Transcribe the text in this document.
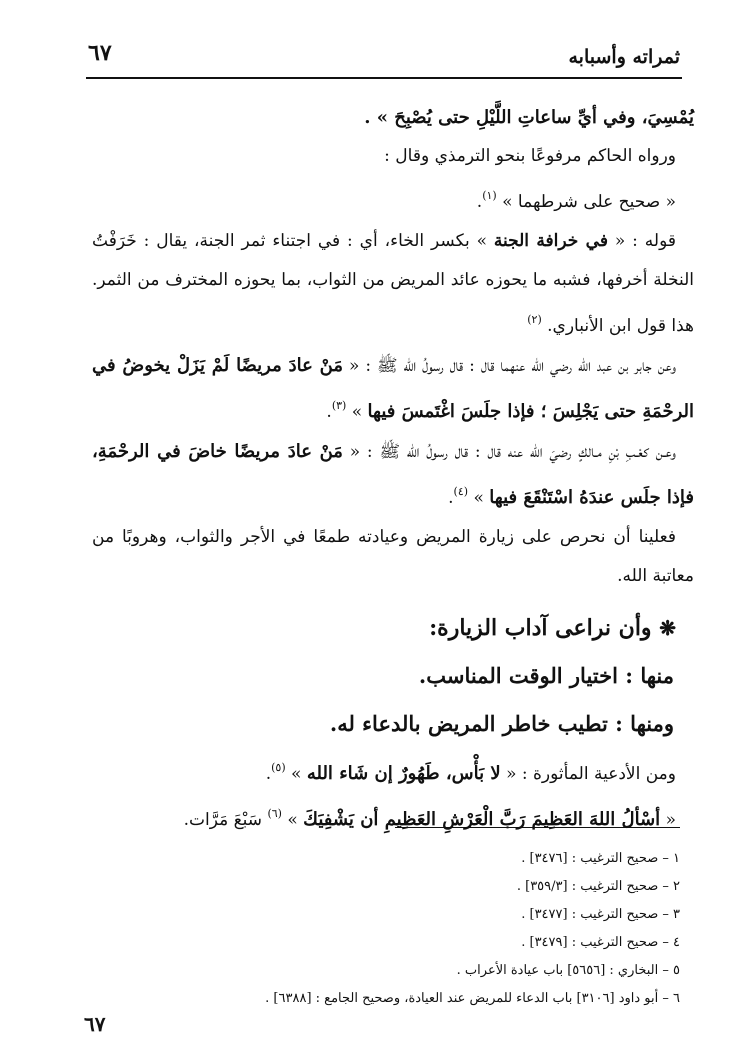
ثمراته وأسبابه
٦٧

يُمْسِيَ، وفي أيِّ ساعاتِ اللَّيْلِ حتى يُصْبِحَ » .

ورواه الحاكم مرفوعًا بنحو الترمذي وقال :

« صحيح على شرطهما » $^{(١)}$.

قوله : « في خرافة الجنة » بكسر الخاء، أي : في اجتناء ثمر الجنة، يقال : خَرَفْتُ النخلة أخرفها، فشبه ما يحوزه عائد المريض من الثواب، بما يحوزه المخترف من الثمر. هذا قول ابن الأنباري. $^{(٢)}$

وعن جابر بن عبد الله رضي الله عنهما قال : قال رسولُ الله ﷺ : « مَنْ عادَ مريضًا لَمْ يَزَلْ يخوضُ في الرحْمَةِ حتى يَجْلِسَ ؛ فإذا جلَسَ اغْتَمسَ فيها » $^{(٣)}$.

وعـن كعْـبِ بْنِ مـالكٍ رضيَ الله عنه قال : قال رسولُ الله ﷺ : « مَنْ عادَ مريضًا خاضَ في الرحْمَةِ، فإذا جلَس عندَهُ اسْتَنْقَعَ فيها » $^{(٤)}$.

فعلينا أن نحرص على زيارة المريض وعيادته طمعًا في الأجر والثواب، وهروبًا من معاتبة الله.

❋ وأن نراعى آداب الزيارة:

منها : اختيار الوقت المناسب.

ومنها : تطيب خاطر المريض بالدعاء له.

ومن الأدعية المأثورة : « لا بَأْس، طَهُورٌ إن شَاء الله » $^{(٥)}$.

« أسْألُ اللهَ العَظِيمَ رَبَّ الْعَرْشِ العَظِيمِ أن يَشْفِيَكَ » $^{(٦)}$ سَبْعَ مَرَّات.

١ – صحيح الترغيب : [٣٤٧٦] .

٢ – صحيح الترغيب : [٣٥٩/٣] .

٣ – صحيح الترغيب : [٣٤٧٧] .

٤ – صحيح الترغيب : [٣٤٧٩] .

٥ – البخاري : [٥٦٥٦] باب عيادة الأعراب .

٦ – أبو داود [٣١٠٦] باب الدعاء للمريض عند العيادة، وصحيح الجامع : [٦٣٨٨] .

٦٧
